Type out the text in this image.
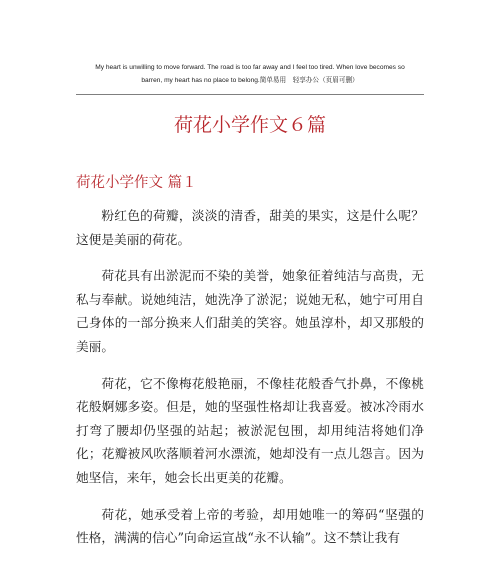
My heart is unwilling to move forward. The road is too far away and I feel too tired. When love becomes so
barren, my heart has no place to belong.简单易用　轻享办公（页眉可删）
荷花小学作文６篇
荷花小学作文 篇１

粉红色的荷瓣，淡淡的清香，甜美的果实，这是什么呢？这便是美丽的荷花。

荷花具有出淤泥而不染的美誉，她象征着纯洁与高贵，无私与奉献。说她纯洁，她洗净了淤泥；说她无私，她宁可用自己身体的一部分换来人们甜美的笑容。她虽淳朴，却又那般的美丽。

荷花，它不像梅花般艳丽，不像桂花般香气扑鼻，不像桃花般婀娜多姿。但是，她的坚强性格却让我喜爱。被冰冷雨水打弯了腰却仍坚强的站起；被淤泥包围，却用纯洁将她们净化；花瓣被风吹落顺着河水漂流，她却没有一点儿怨言。因为她坚信，来年，她会长出更美的花瓣。

荷花，她承受着上帝的考验，却用她唯一的筹码“坚强的性格，满满的信心”向命运宣战“永不认输”。这不禁让我有
